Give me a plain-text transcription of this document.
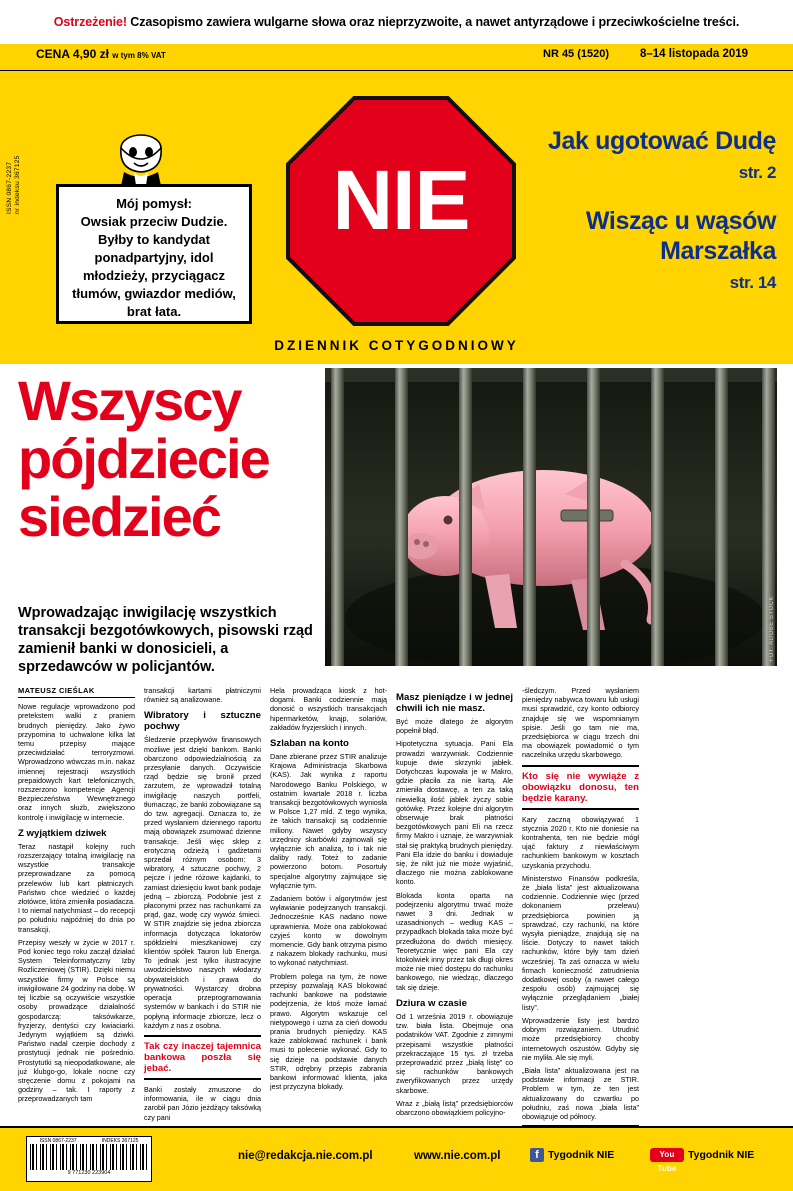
Ostrzeżenie! Czasopismo zawiera wulgarne słowa oraz nieprzyzwoite, a nawet antyrządowe i przeciwkościelne treści.
CENA 4,90 zł w tym 8% VAT	NR 45 (1520)	8–14 listopada 2019
nr indeksu 367125
ISSN 0867-2237	Mój pomysł:
Owsiak przeciw Dudzie. Byłby to kandydat ponadpartyjny, idol młodzieży, przyciągacz tłumów, gwiazdor mediów, brat łata.
NIE
Jak ugotować Dudę
str. 2
Wisząc u wąsów Marszałka
str. 14
DZIENNIK COTYGODNIOWY
Wszyscy pójdziecie siedzieć
Wprowadzając inwigilację wszystkich transakcji bezgotówkowych, pisowski rząd zamienił banki w donosicieli, a sprzedawców w policjantów.
FOT. ADOBE STOCK
MATEUSZ CIEŚLAK

Nowe regulacje wprowadzono pod pretekstem walki z praniem brudnych pieniędzy. Jako żywo przypomina to uchwalone kilka lat temu przepisy mające przeciwdziałać terroryzmowi. Wprowadzono wówczas m.in. nakaz imiennej rejestracji wszystkich prepaidowych kart telefonicznych, rozszerzono kompetencje Agencji Bezpieczeństwa Wewnętrznego oraz innych służb, zwiększono kontrolę i inwigilację w internecie.

Z wyjątkiem dziwek

Teraz nastąpił kolejny ruch rozszerzający totalną inwigilację na wszystkie transakcje przeprowadzane za pomocą przelewów lub kart płatniczych. Państwo chce wiedzieć o każdej złotówce, która zmieniła posiadacza. I to niemal natychmiast – do recepcji po południu najpóźniej do dnia po transakcji.

Przepisy weszły w życie w 2017 r. Pod koniec tego roku zaczął działać System Teleinformatyczny Izby Rozliczeniowej (STIR). Dzięki niemu wszystkie firmy w Polsce są inwigilowane 24 godziny na dobę. W tej liczbie są oczywiście wszystkie osoby prowadzące działalność gospodarczą: taksówkarze, fryzjerzy, dentyści czy kwiaciarki. Jedynym wyjątkiem są dziwki. Państwo nadal czerpie dochody z prostytucji jednak nie pośrednio. Prostytutki są nieopodatkowane, ale już klubgo-go, lokale nocne czy stręczenie domu z pokojami na godziny – tak. I raporty z przeprowadzanych tam

transakcji kartami płatniczymi również są analizowane.

Wibratory i sztuczne pochwy

Śledzenie przepływów finansowych możliwe jest dzięki bankom. Banki obarczono odpowiedzialnością za przesyłanie danych. Oczywiście rząd będzie się bronił przed zarzutem, że wprowadził totalną inwigilację naszych portfeli, tłumacząc, że banki zobowiązane są do tzw. agregacji. Oznacza to, że przed wysłaniem dziennego raportu mają obowiązek zsumować dzienne transakcje. Jeśli więc sklep z erotyczną odzieżą i gadżetami sprzedał różnym osobom: 3 wibratory, 4 sztuczne pochwy, 2 pejcze i jedne różowe kajdanki, to zamiast dziesięciu kwot bank podaje jedną – zbiorczą. Podobnie jest z płaconymi przez nas rachunkami za prąd, gaz, wodę czy wywóz śmieci. W STIR znajdzie się jedna zbiorcza informacja dotycząca lokatorów spółdzielni mieszkaniowej czy klientów spółek Tauron lub Energa. To jednak jest tylko ilustracyjne uwodzicielstwo naszych włodarzy obywatelskich i prawa do prywatności. Wystarczy drobna operacja przeprogramowania systemów w bankach i do STIR nie popłyną informacje zbiorcze, lecz o każdym z nas z osobna.

Tak czy inaczej tajemnica bankowa poszła się jebać.

Banki zostały zmuszone do informowania, ile w ciągu dnia zarobił pan Józio jeżdżący taksówką czy pani

Hela prowadząca kiosk z hot-dogami. Banki codziennie mają donosić o wszystkich transakcjach hipermarketów, knajp, solariów, zakładów fryzjerskich i innych.

Szlaban na konto

Dane zbierane przez STIR analizuje Krajowa Administracja Skarbowa (KAS). Jak wynika z raportu Narodowego Banku Polskiego, w ostatnim kwartale 2018 r. liczba transakcji bezgotówkowych wyniosła w Polsce 1,27 mld. Z tego wynika, że takich transakcji są codziennie miliony. Nawet gdyby wszyscy urzędnicy skarbówki zajmowali się wyłącznie ich analizą, to i tak nie daliby rady. Toteż to zadanie powierzono botom. Posortuły specjalne algorytmy zajmujące się wyłącznie tym.

Zadaniem botów i algorytmów jest wyławianie podejrzanych transakcji. Jednocześnie KAS nadano nowe uprawnienia. Może ona zablokować czyjeś konto w dowolnym momencie. Gdy bank otrzyma pismo z nakazem blokady rachunku, musi to wykonać natychmiast.

Problem polega na tym, że nowe przepisy pozwalają KAS blokować rachunki bankowe na podstawie podejrzenia, że ktoś może łamać prawo. Algorytm wskazuje cel nietypowego i uzna za cień dowodu prania brudnych pieniędzy. KAS każe zablokować rachunek i bank musi to polecenie wykonać. Gdy to się dzieje na podstawie danych STIR, odrębny przepis zabrania bankowi informować klienta, jaka jest przyczyna blokady.

Masz pieniądze i w jednej chwili ich nie masz.

Być może dlatego że algorytm popełnił błąd.

Hipotetyczna sytuacja. Pani Ela prowadzi warzywniak. Codziennie kupuje dwie skrzynki jabłek. Dotychczas kupowała je w Makro, gdzie płaciła za nie kartą. Ale zmieniła dostawcę, a ten za taką niewielką ilość jabłek życzy sobie gotówkę. Przez kolejne dni algorytm obserwuje brak płatności bezgotówkowych pani Eli na rzecz firmy Makro i uznaje, że warzywniak stał się praktyką brudnych pieniędzy. Pani Ela idzie do banku i dowiaduje się, że nikt już nie może wyjaśnić, dlaczego nie można zablokowane konto.

Blokada konta oparta na podejrzeniu algorytmu trwać może nawet 3 dni. Jednak w uzasadnionych – według KAS – przypadkach blokada taka może być przedłużona do dwóch miesięcy. Teoretycznie więc pani Ela czy ktokolwiek inny przez tak długi okres może nie mieć dostępu do rachunku bankowego, nie wiedząc, dlaczego tak się dzieje.

Dziura w czasie

Od 1 września 2019 r. obowiązuje tzw. biała lista. Obejmuje ona podatników VAT. Zgodnie z zimnymi przepisami wszystkie płatności przekraczające 15 tys. zł trzeba przeprowadzić przez „białą listę” co się rachunków bankowych zweryfikowanych przez urzędy skarbowe.

Wraz z „białą listą” przedsiębiorców obarczono obowiązkiem policyjno-

-śledczym. Przed wysłaniem pieniędzy nabywca towaru lub usługi musi sprawdzić, czy konto odbiorcy znajduje się we wspomnianym spisie. Jeśli go tam nie ma, przedsiębiorca w ciągu trzech dni ma obowiązek powiadomić o tym naczelnika urzędu skarbowego.

Kto się nie wywiąże z obowiązku donosu, ten będzie karany.

Kary zaczną obowiązywać 1 stycznia 2020 r. Kto nie doniesie na kontrahenta, ten nie będzie mógł ująć faktury z niewłaściwym rachunkiem bankowym w kosztach uzyskania przychodu.

Ministerstwo Finansów podkreśla, że „biała lista” jest aktualizowana codziennie. Codziennie więc (przed dokonaniem przelewu) przedsiębiorca powinien ją sprawdzać, czy rachunki, na które wysyła pieniądze, znajdują się na liście. Dotyczy to nawet takich rachunków, które były tam dzień wcześniej. Ta zaś oznacza w wielu firmach konieczność zatrudnienia dodatkowej osoby (a nawet całego zespołu osób) zajmującej się wyłącznie przeglądaniem „białej listy”.

Wprowadzenie listy jest bardzo dobrym rozwiązaniem. Utrudnić może przedsiębiorcy chcoby internetowych oszustów. Gdyby się nie myliła. Ale się myli.

„Biała lista” aktualizowana jest na podstawie informacji ze STIR. Problem w tym, że ten jest aktualizowany do czwartku po południu, zaś nowa „biała lista” obowiązuje od północy.

ISSN 0867-2237	INDEKS 367125
9 771230 223904
nie@redakcja.nie.com.pl	www.nie.com.pl	f Tygodnik NIE	You Tube
Tygodnik NIE
